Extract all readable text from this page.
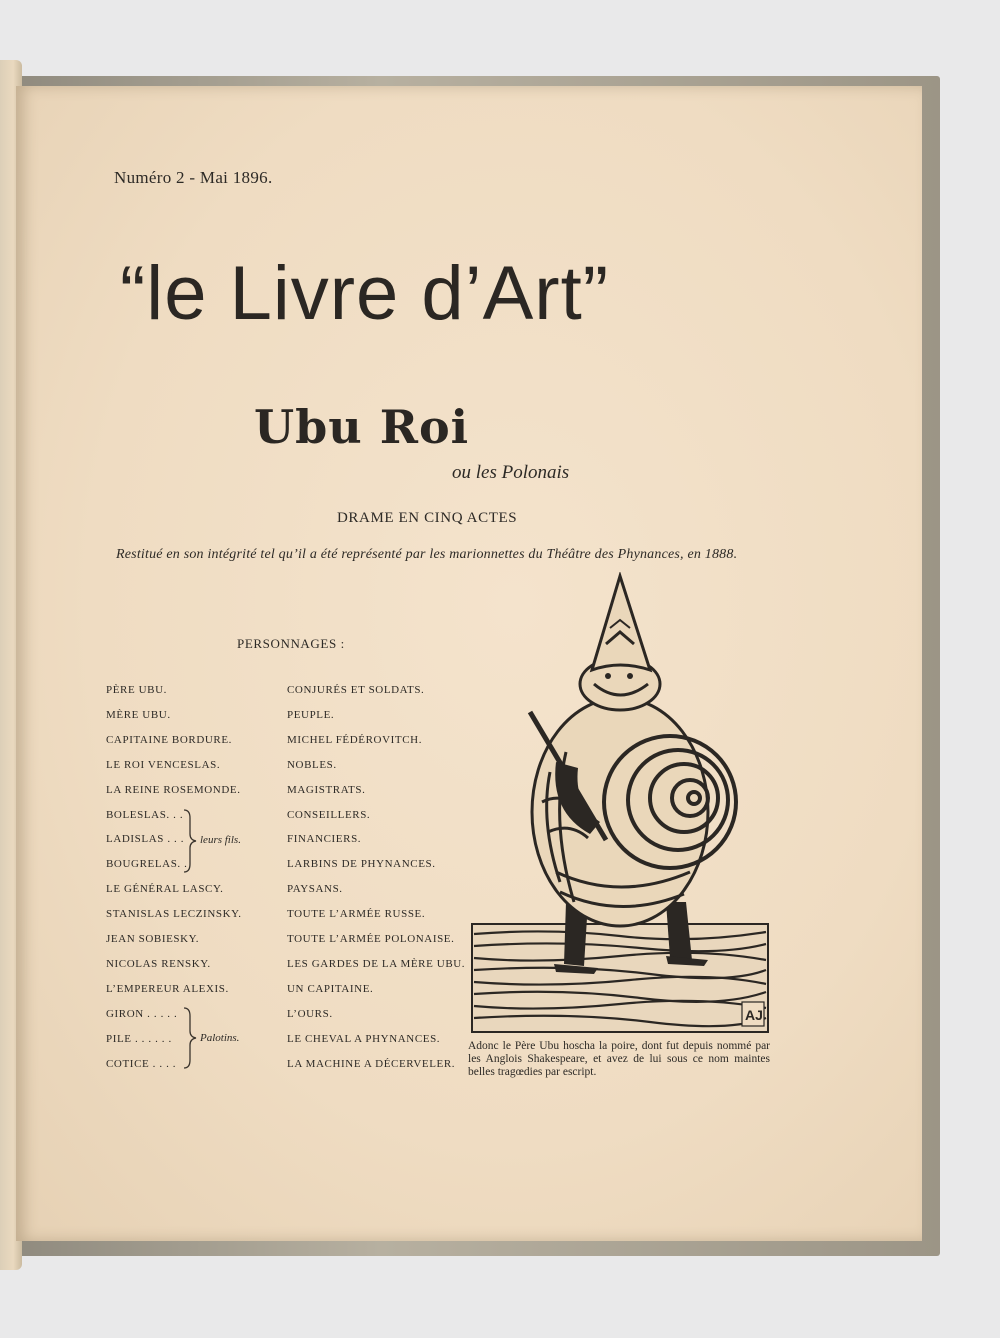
Numéro 2 - Mai 1896.
“le Livre d’Art”
Ubu Roi
ou les Polonais
DRAME EN CINQ ACTES
Restitué en son intégrité tel qu’il a été représenté par les marionnettes du Théâtre des Phynances, en 1888.
PERSONNAGES :
PÈRE UBU.
MÈRE UBU.
CAPITAINE BORDURE.
LE ROI VENCESLAS.
LA REINE ROSEMONDE.
BOLESLAS. . .
LADISLAS . . .
BOUGRELAS. .
LE GÉNÉRAL LASCY.
STANISLAS LECZINSKY.
JEAN SOBIESKY.
NICOLAS RENSKY.
L’EMPEREUR ALEXIS.
GIRON . . . . .
PILE . . . . . .
COTICE . . . .
CONJURÉS ET SOLDATS.
PEUPLE.
MICHEL FÉDÉROVITCH.
NOBLES.
MAGISTRATS.
CONSEILLERS.
FINANCIERS.
LARBINS DE PHYNANCES.
PAYSANS.
TOUTE L’ARMÉE RUSSE.
TOUTE L’ARMÉE POLONAISE.
LES GARDES DE LA MÈRE UBU.
UN CAPITAINE.
L’OURS.
LE CHEVAL A PHYNANCES.
LA MACHINE A DÉCERVELER.
leurs fils.
Palotins.
AJ
Adonc le Père Ubu hoscha la poire, dont fut depuis nommé par les Anglois Shakespeare, et avez de lui sous ce nom maintes belles tragœdies par escript.
